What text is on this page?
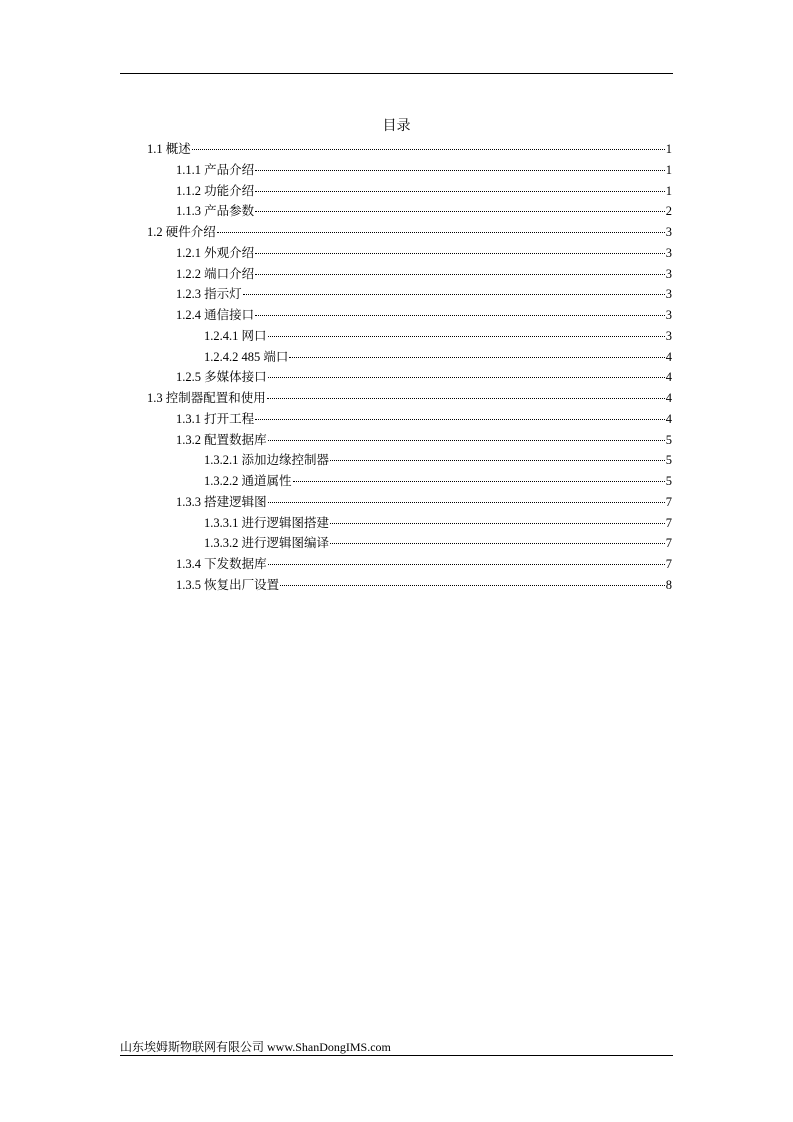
目录
1.1 概述	1
1.1.1 产品介绍	1
1.1.2 功能介绍	1
1.1.3 产品参数	2
1.2 硬件介绍	3
1.2.1 外观介绍	3
1.2.2 端口介绍	3
1.2.3 指示灯	3
1.2.4 通信接口	3
1.2.4.1 网口	3
1.2.4.2 485 端口	4
1.2.5 多媒体接口	4
1.3 控制器配置和使用	4
1.3.1 打开工程	4
1.3.2 配置数据库	5
1.3.2.1 添加边缘控制器	5
1.3.2.2 通道属性	5
1.3.3 搭建逻辑图	7
1.3.3.1 进行逻辑图搭建	7
1.3.3.2 进行逻辑图编译	7
1.3.4 下发数据库	7
1.3.5 恢复出厂设置	8
山东埃姆斯物联网有限公司 www.ShanDongIMS.com
